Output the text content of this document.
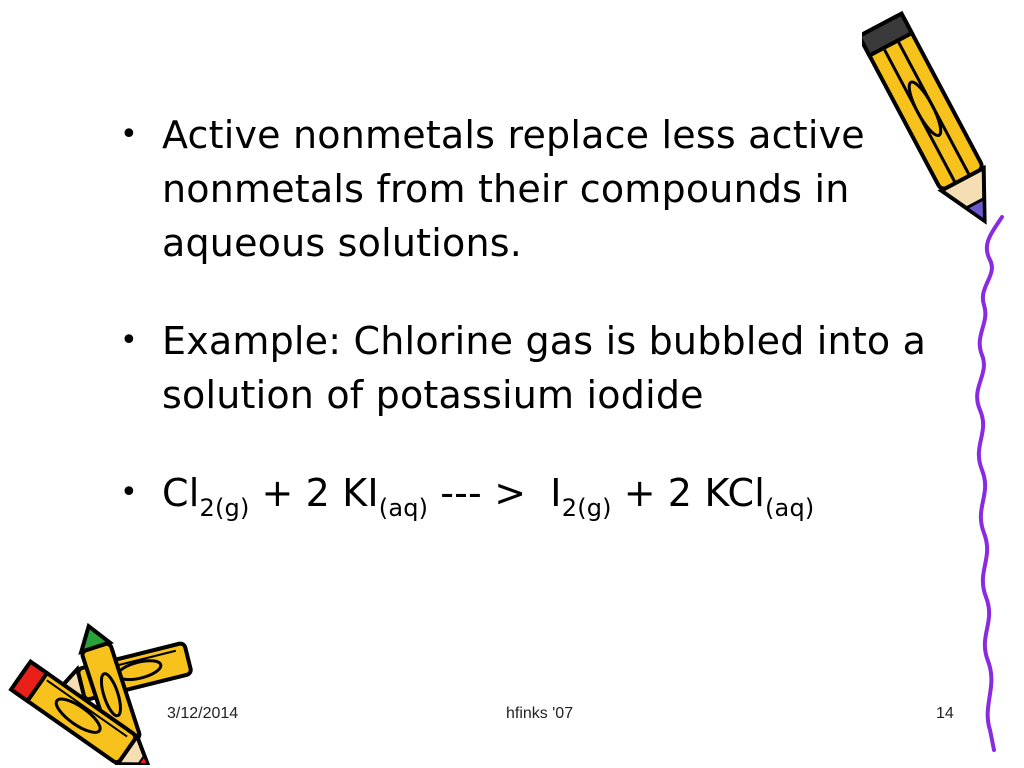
• Active nonmetals replace less active nonmetals from their compounds in aqueous solutions.
• Example: Chlorine gas is bubbled into a solution of potassium iodide
• $Cl_{2(g)} + 2$ $KI_{(aq)}$ --- > $I_{2(g)} + 2$ KCl$_{(aq)}$
3/12/2014	hfinks '07	14
